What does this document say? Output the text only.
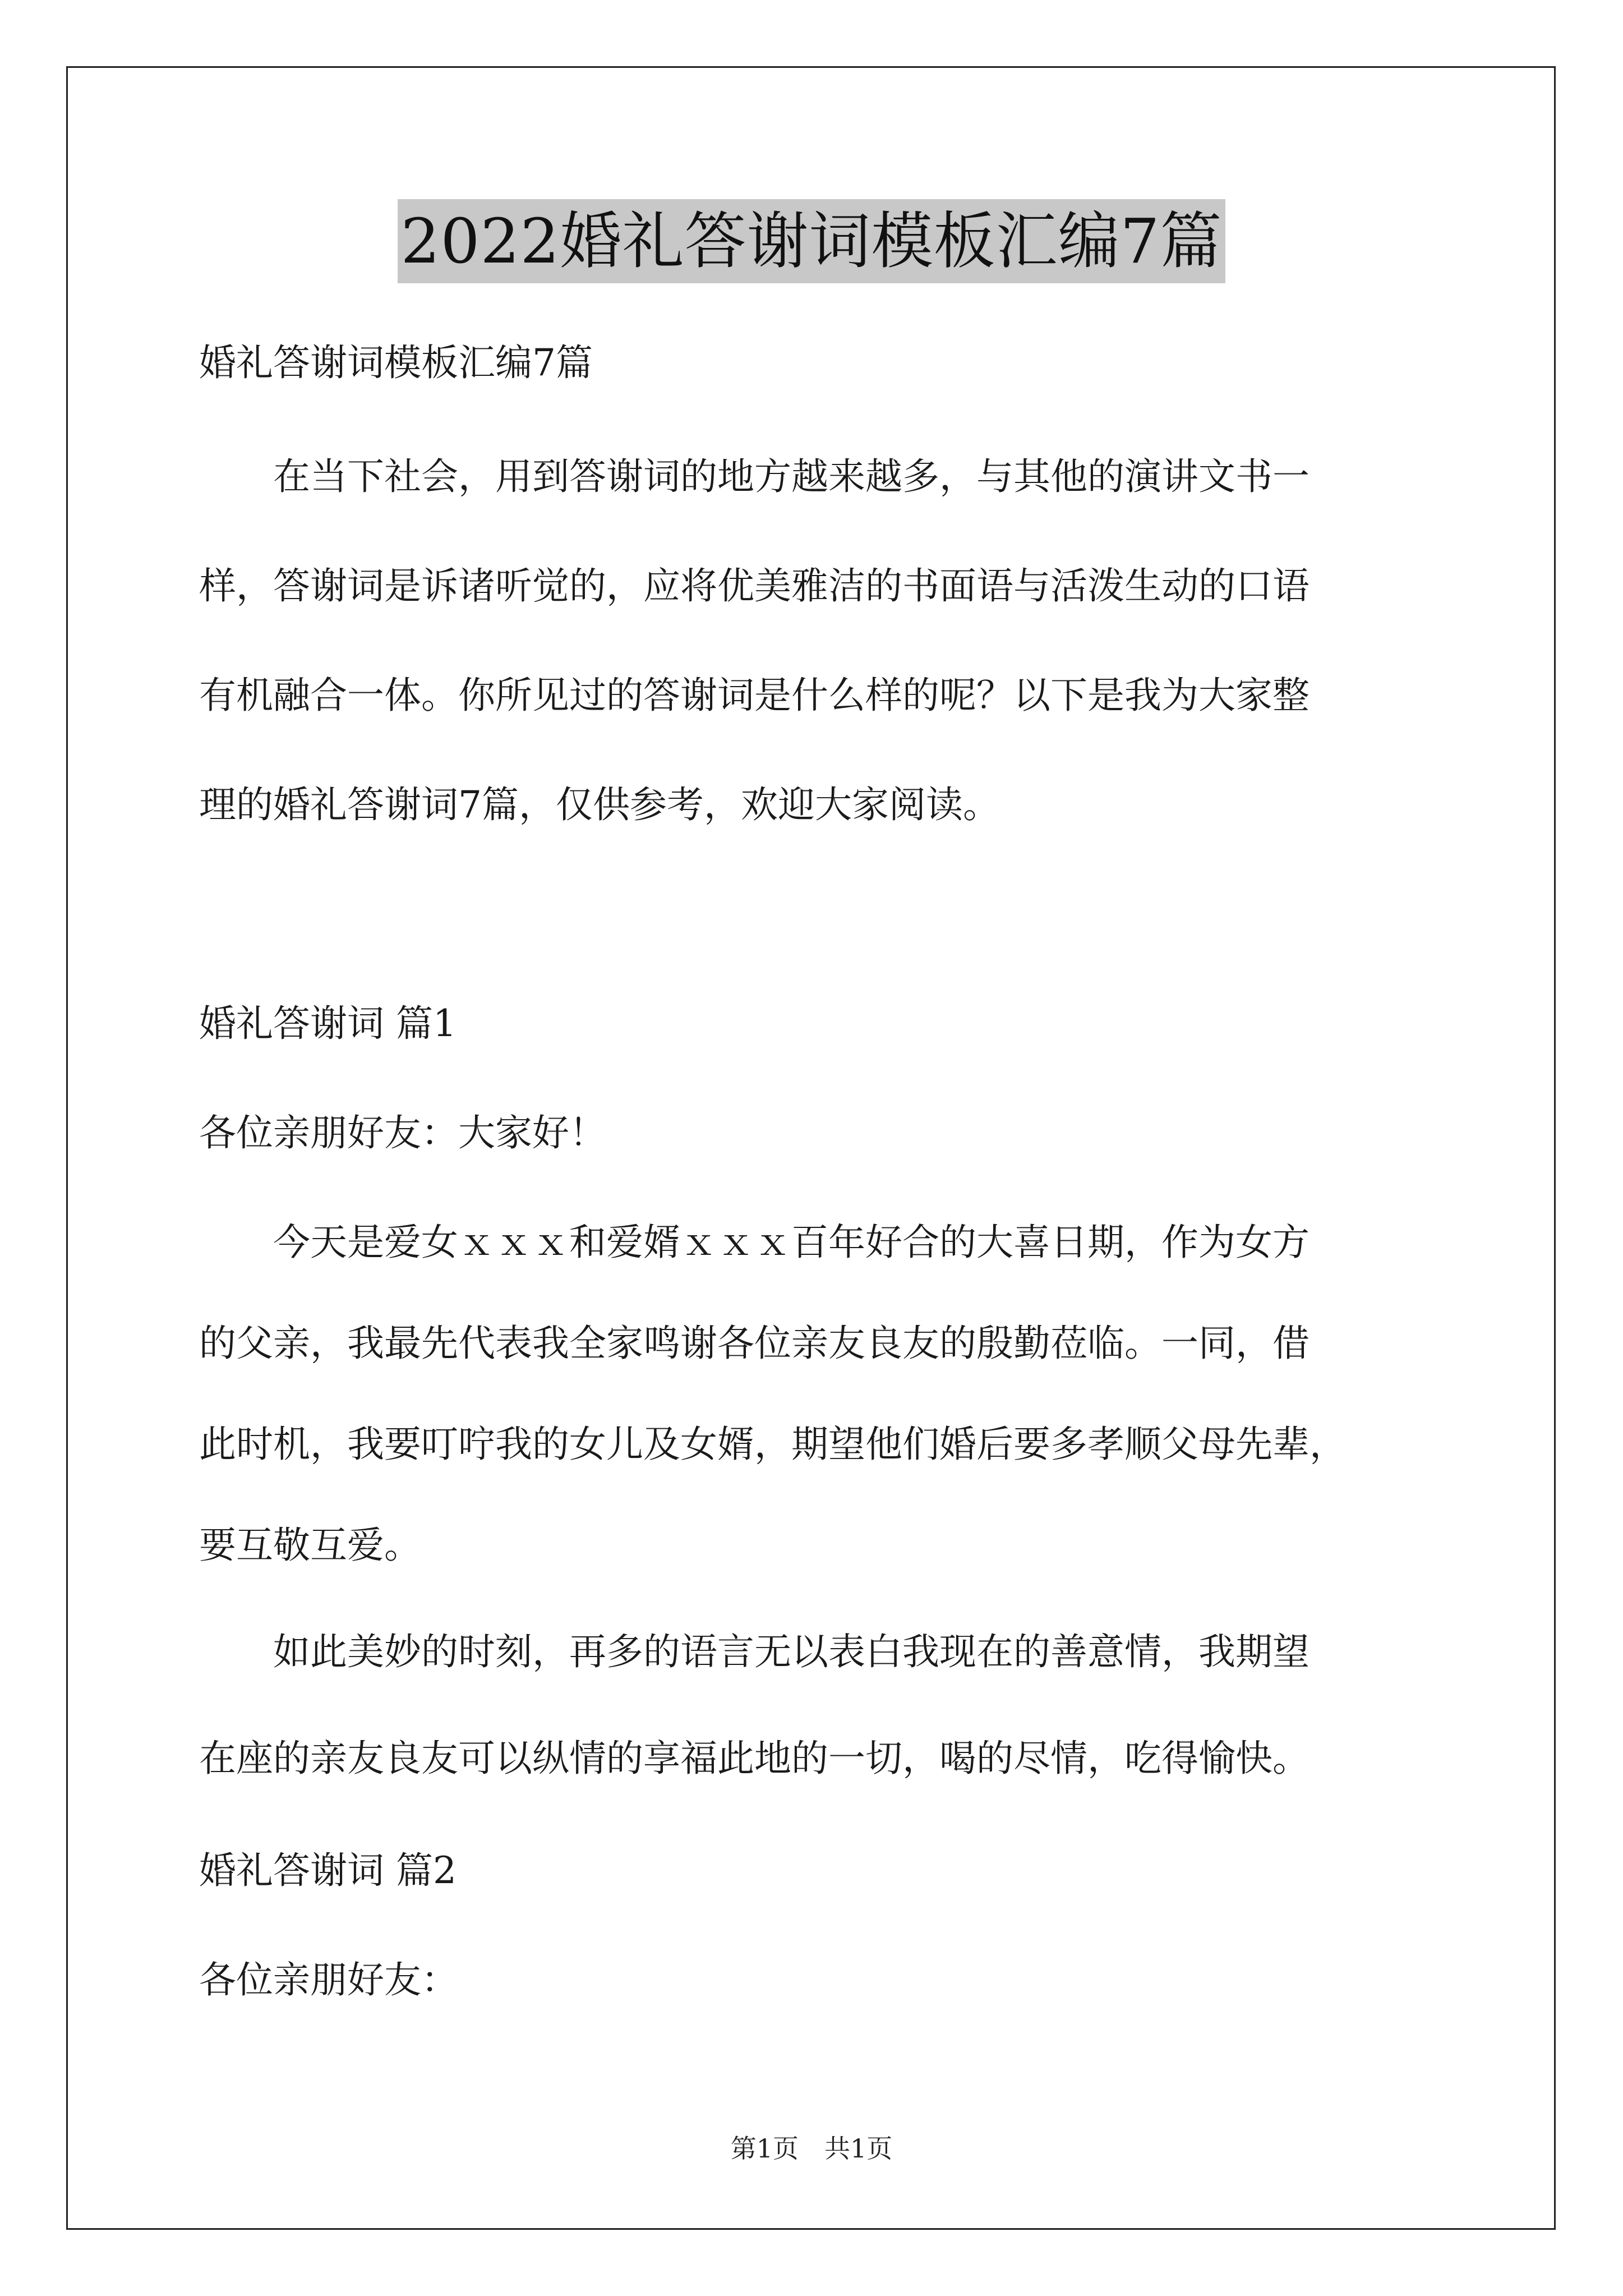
2022婚礼答谢词模板汇编7篇
婚礼答谢词模板汇编7篇
　　在当下社会，用到答谢词的地方越来越多，与其他的演讲文书一
样，答谢词是诉诸听觉的，应将优美雅洁的书面语与活泼生动的口语
有机融合一体。你所见过的答谢词是什么样的呢？以下是我为大家整
理的婚礼答谢词7篇，仅供参考，欢迎大家阅读。
婚礼答谢词 篇1
各位亲朋好友：大家好！
　　今天是爱女ｘｘｘ和爱婿ｘｘｘ百年好合的大喜日期，作为女方
的父亲，我最先代表我全家鸣谢各位亲友良友的殷勤莅临。一同，借
此时机，我要叮咛我的女儿及女婿，期望他们婚后要多孝顺父母先辈，
要互敬互爱。
　　如此美妙的时刻，再多的语言无以表白我现在的善意情，我期望
在座的亲友良友可以纵情的享福此地的一切，喝的尽情，吃得愉快。
婚礼答谢词 篇2
各位亲朋好友：
第1页　共1页
